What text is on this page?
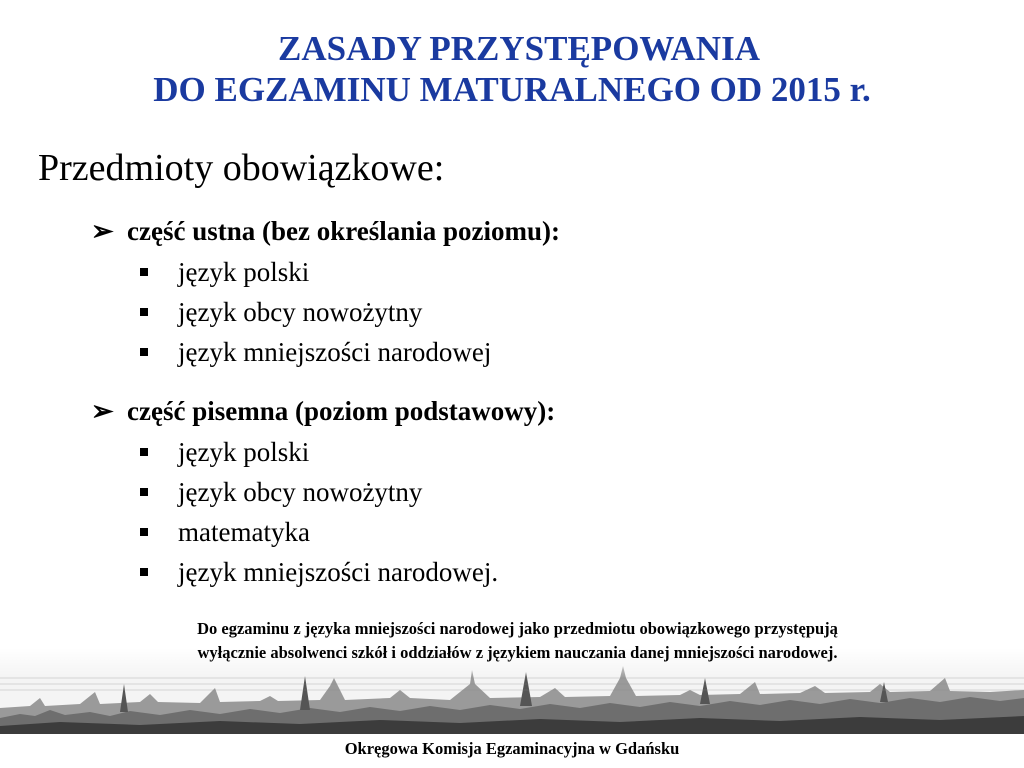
ZASADY PRZYSTĘPOWANIA
DO EGZAMINU MATURALNEGO OD 2015 r.
Przedmioty obowiązkowe:
➢ część ustna (bez określania poziomu):
język polski
język obcy nowożytny
język mniejszości narodowej
➢ część pisemna (poziom podstawowy):
język polski
język obcy nowożytny
matematyka
język mniejszości narodowej.
Do egzaminu z języka mniejszości narodowej jako przedmiotu obowiązkowego przystępują
wyłącznie absolwenci szkół i oddziałów z językiem nauczania danej mniejszości narodowej.
Okręgowa Komisja Egzaminacyjna w Gdańsku
